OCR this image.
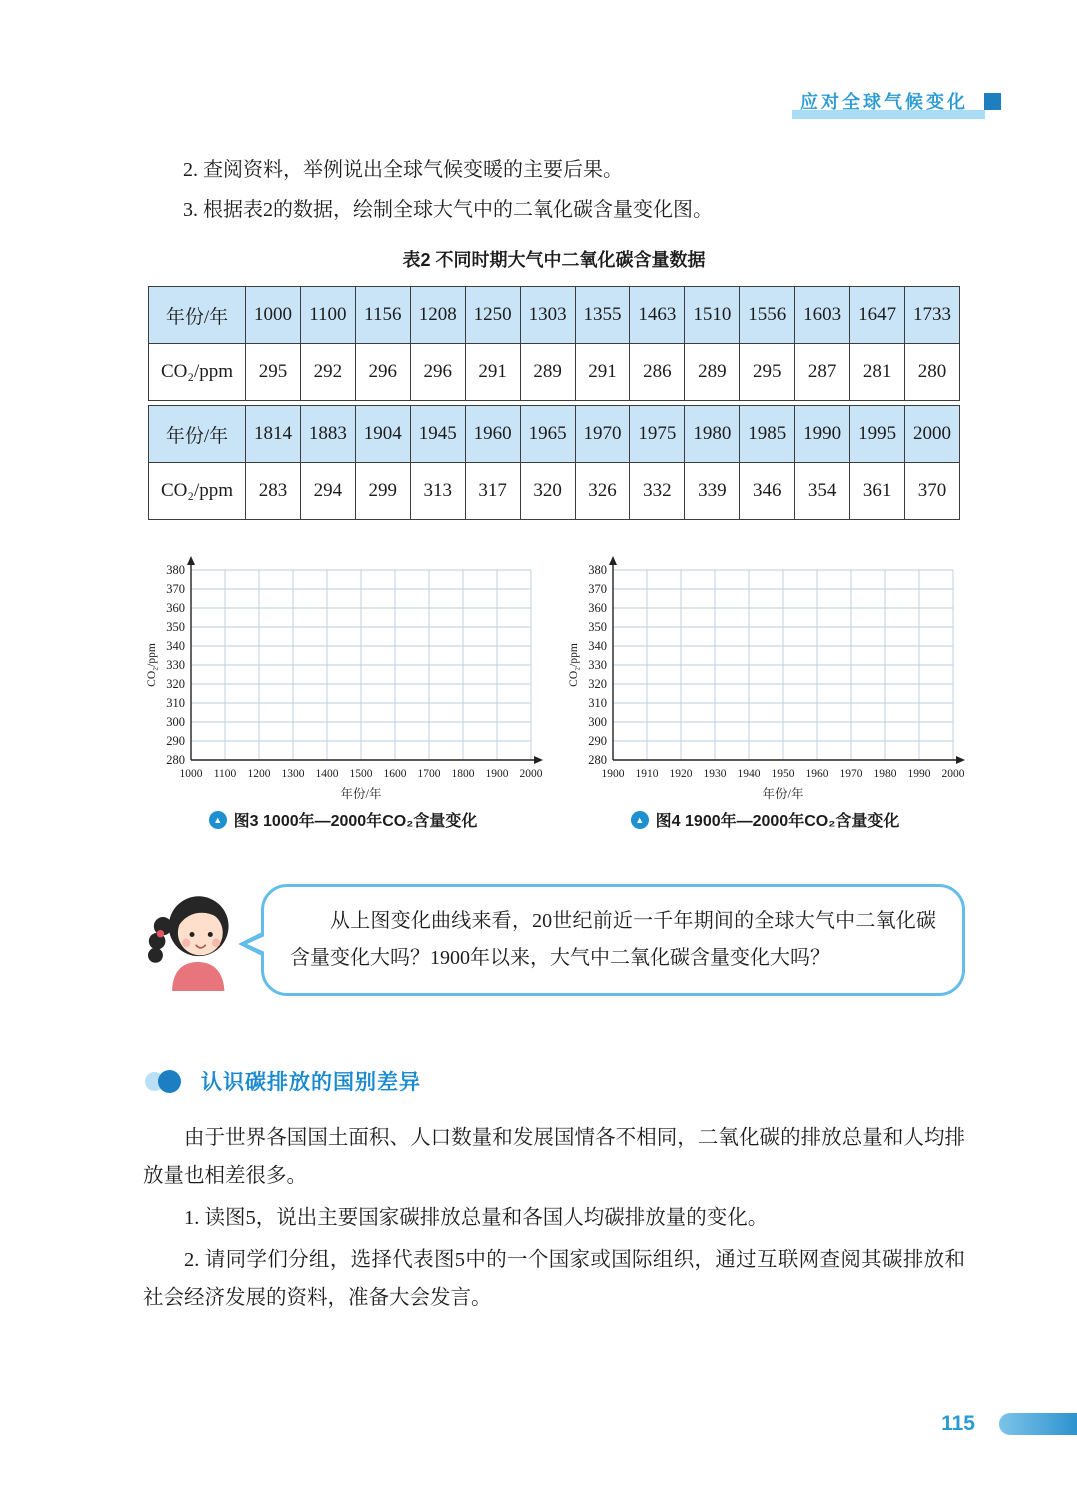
应对全球气候变化

2. 查阅资料，举例说出全球气候变暖的主要后果。

3. 根据表2的数据，绘制全球大气中的二氧化碳含量变化图。

表2 不同时期大气中二氧化碳含量数据
年份/年	1000	1100	1156	1208	1250	1303	1355	1463	1510	1556	1603	1647	1733
CO₂/ppm	295	292	296	296	291	289	291	286	289	295	287	281	280
年份/年	1814	1883	1904	1945	1960	1965	1970	1975	1980	1985	1990	1995	2000
CO₂/ppm	283	294	299	313	317	320	326	332	339	346	354	361	370
380
370
360
350
340
330
320
310
300
290
280
1000 1100 1200 1300 1400 1500 1600 1700 1800 1900 2000
CO₂/ppm
年份/年
▲ 图3 1000年—2000年CO₂含量变化
380
370
360
350
340
330
320
310
300
290
280
1900 1910 1920 1930 1940 1950 1960 1970 1980 1990 2000
CO₂/ppm
年份/年
▲ 图4 1900年—2000年CO₂含量变化

从上图变化曲线来看，20世纪前近一千年期间的全球大气中二氧化碳含量变化大吗？1900年以来，大气中二氧化碳含量变化大吗？

认识碳排放的国别差异

由于世界各国国土面积、人口数量和发展国情各不相同，二氧化碳的排放总量和人均排放量也相差很多。

1. 读图5，说出主要国家碳排放总量和各国人均碳排放量的变化。

2. 请同学们分组，选择代表图5中的一个国家或国际组织，通过互联网查阅其碳排放和社会经济发展的资料，准备大会发言。

115
